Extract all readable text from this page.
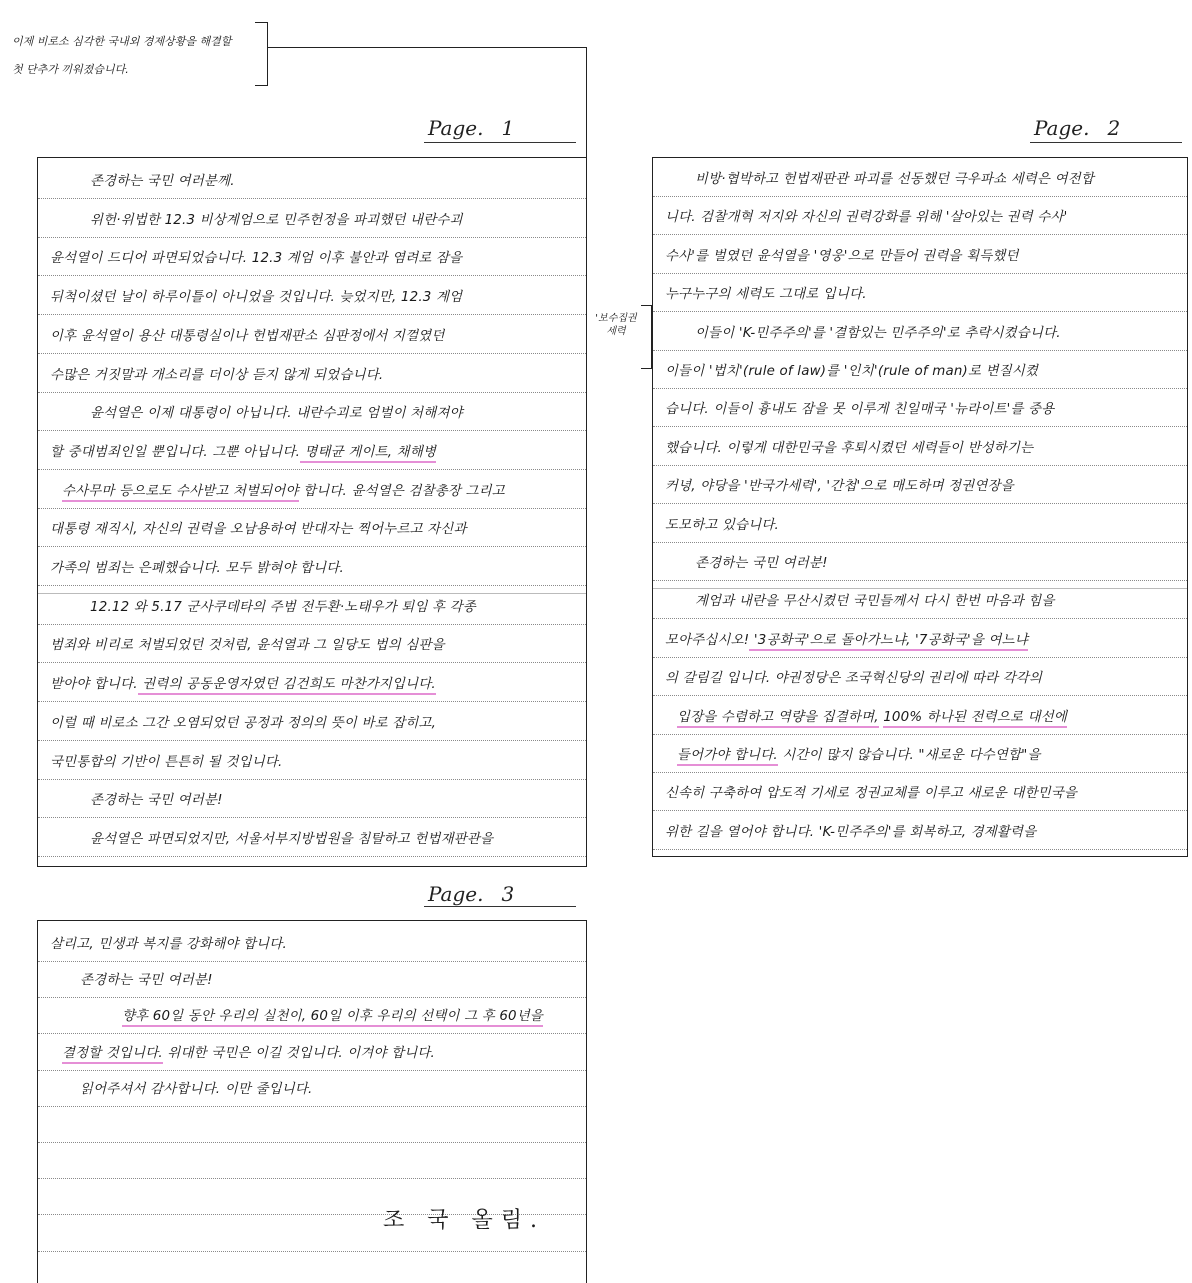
이제 비로소 심각한 국내외 경제상황을 해결할
첫 단추가 끼워졌습니다.
Page. 1
존경하는 국민 여러분께.
위헌·위법한 12.3 비상계엄으로 민주헌정을 파괴했던 내란수괴
윤석열이 드디어 파면되었습니다. 12.3 계엄 이후 불안과 염려로 잠을
뒤척이셨던 날이 하루이틀이 아니었을 것입니다. 늦었지만, 12.3 계엄
이후 윤석열이 용산 대통령실이나 헌법재판소 심판정에서 지껄였던
수많은 거짓말과 개소리를 더이상 듣지 않게 되었습니다.
윤석열은 이제 대통령이 아닙니다. 내란수괴로 엄벌이 처해져야
할 중대범죄인일 뿐입니다. 그뿐 아닙니다. 명태균 게이트, 채해병
수사무마 등으로도 수사받고 처벌되어야 합니다. 윤석열은 검찰총장 그리고
대통령 재직시, 자신의 권력을 오남용하여 반대자는 찍어누르고 자신과
가족의 범죄는 은폐했습니다. 모두 밝혀야 합니다.
12.12 와 5.17 군사쿠데타의 주범 전두환·노태우가 퇴임 후 각종
범죄와 비리로 처벌되었던 것처럼, 윤석열과 그 일당도 법의 심판을
받아야 합니다. 권력의 공동운영자였던 김건희도 마찬가지입니다.
이럴 때 비로소 그간 오염되었던 공정과 정의의 뜻이 바로 잡히고,
국민통합의 기반이 튼튼히 될 것입니다.
존경하는 국민 여러분!
윤석열은 파면되었지만, 서울서부지방법원을 침탈하고 헌법재판관을
'보수집권
세력
Page. 2
비방·협박하고 헌법재판관 파괴를 선동했던 극우파쇼 세력은 여전합
니다. 검찰개혁 저지와 자신의 권력강화를 위해 '살아있는 권력 수사'
수사'를 벌였던 윤석열을 '영웅'으로 만들어 권력을 획득했던
누구누구의 세력도 그대로 입니다.
이들이 'K-민주주의'를 '결함있는 민주주의'로 추락시켰습니다.
이들이 '법치'(rule of law)를 '인치'(rule of man)로 변질시켰
습니다. 이들이 흉내도 잠을 못 이루게 친일매국 '뉴라이트'를 중용
했습니다. 이렇게 대한민국을 후퇴시켰던 세력들이 반성하기는
커녕, 야당을 '반국가세력', '간첩'으로 매도하며 정권연장을
도모하고 있습니다.
존경하는 국민 여러분!
계엄과 내란을 무산시켰던 국민들께서 다시 한번 마음과 힘을
모아주십시오! '3공화국'으로 돌아가느냐, '7공화국'을 여느냐
의 갈림길 입니다. 야권정당은 조국혁신당의 권리에 따라 각각의
입장을 수렴하고 역량을 집결하며, 100% 하나된 전력으로 대선에
들어가야 합니다. 시간이 많지 않습니다. "새로운 다수연합"을
신속히 구축하여 압도적 기세로 정권교체를 이루고 새로운 대한민국을
위한 길을 열어야 합니다. 'K-민주주의'를 회복하고, 경제활력을
Page. 3
살리고, 민생과 복지를 강화해야 합니다.
존경하는 국민 여러분!
향후 60일 동안 우리의 실천이, 60일 이후 우리의 선택이 그 후 60년을
결정할 것입니다. 위대한 국민은 이길 것입니다. 이겨야 합니다.
읽어주셔서 감사합니다. 이만 줄입니다.
조 국 올림.
